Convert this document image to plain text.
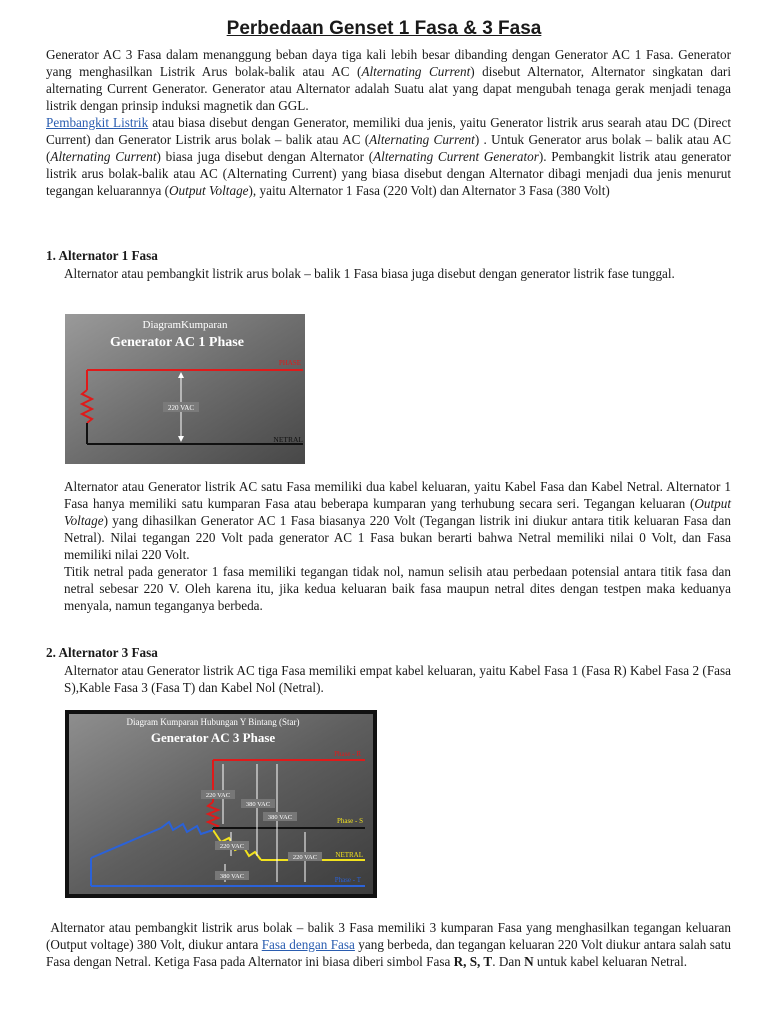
Perbedaan Genset 1 Fasa & 3 Fasa

Generator AC 3 Fasa dalam menanggung beban daya tiga kali lebih besar dibanding dengan Generator AC 1 Fasa. Generator yang menghasilkan Listrik Arus bolak-balik atau AC (Alternating Current) disebut Alternator, Alternator singkatan dari alternating Current Generator. Generator atau Alternator adalah Suatu alat yang dapat mengubah tenaga gerak menjadi tenaga listrik dengan prinsip induksi magnetik dan GGL.
Pembangkit Listrik atau biasa disebut dengan Generator, memiliki dua jenis, yaitu Generator listrik arus searah atau DC (Direct Current) dan Generator Listrik arus bolak – balik atau AC (Alternating Current) . Untuk Generator arus bolak – balik atau AC (Alternating Current) biasa juga disebut dengan Alternator (Alternating Current Generator). Pembangkit listrik atau generator listrik arus bolak-balik atau AC (Alternating Current) yang biasa disebut dengan Alternator dibagi menjadi dua jenis menurut tegangan keluarannya (Output Voltage), yaitu Alternator 1 Fasa (220 Volt) dan Alternator 3 Fasa (380 Volt)

1. Alternator 1 Fasa

Alternator atau pembangkit listrik arus bolak – balik 1 Fasa biasa juga disebut dengan generator listrik fase tunggal.

DiagramKumparan
Generator AC 1 Phase
PHASE
NETRAL
220 VAC

Alternator atau Generator listrik AC satu Fasa memiliki dua kabel keluaran, yaitu Kabel Fasa dan Kabel Netral. Alternator 1 Fasa hanya memiliki satu kumparan Fasa atau beberapa kumparan yang terhubung secara seri. Tegangan keluaran (Output Voltage) yang dihasilkan Generator AC 1 Fasa biasanya 220 Volt (Tegangan listrik ini diukur antara titik keluaran Fasa dan Netral). Nilai tegangan 220 Volt pada generator AC 1 Fasa bukan berarti bahwa Netral memiliki nilai 0 Volt, dan Fasa memiliki nilai 220 Volt.

Titik netral pada generator 1 fasa memiliki tegangan tidak nol, namun selisih atau perbedaan potensial antara titik fasa dan netral sebesar 220 V. Oleh karena itu, jika kedua keluaran baik fasa maupun netral dites dengan testpen maka keduanya menyala, namun teganganya berbeda.

2. Alternator 3 Fasa

Alternator atau Generator listrik AC tiga Fasa memiliki empat kabel keluaran, yaitu Kabel Fasa 1 (Fasa R) Kabel Fasa 2 (Fasa S),Kable Fasa 3 (Fasa T) dan Kabel Nol (Netral).

Diagram Kumparan Hubungan Y Bintang (Star)
Generator AC 3 Phase
Phase - R
Phase - S
NETRAL
Phase - T
220 VAC
380 VAC
380 VAC
220 VAC
220 VAC
380 VAC

Alternator atau pembangkit listrik arus bolak – balik 3 Fasa memiliki 3 kumparan Fasa yang menghasilkan tegangan keluaran (Output voltage) 380 Volt, diukur antara Fasa dengan Fasa yang berbeda, dan tegangan keluaran 220 Volt diukur antara salah satu Fasa dengan Netral. Ketiga Fasa pada Alternator ini biasa diberi simbol Fasa R, S, T. Dan N untuk kabel keluaran Netral.
